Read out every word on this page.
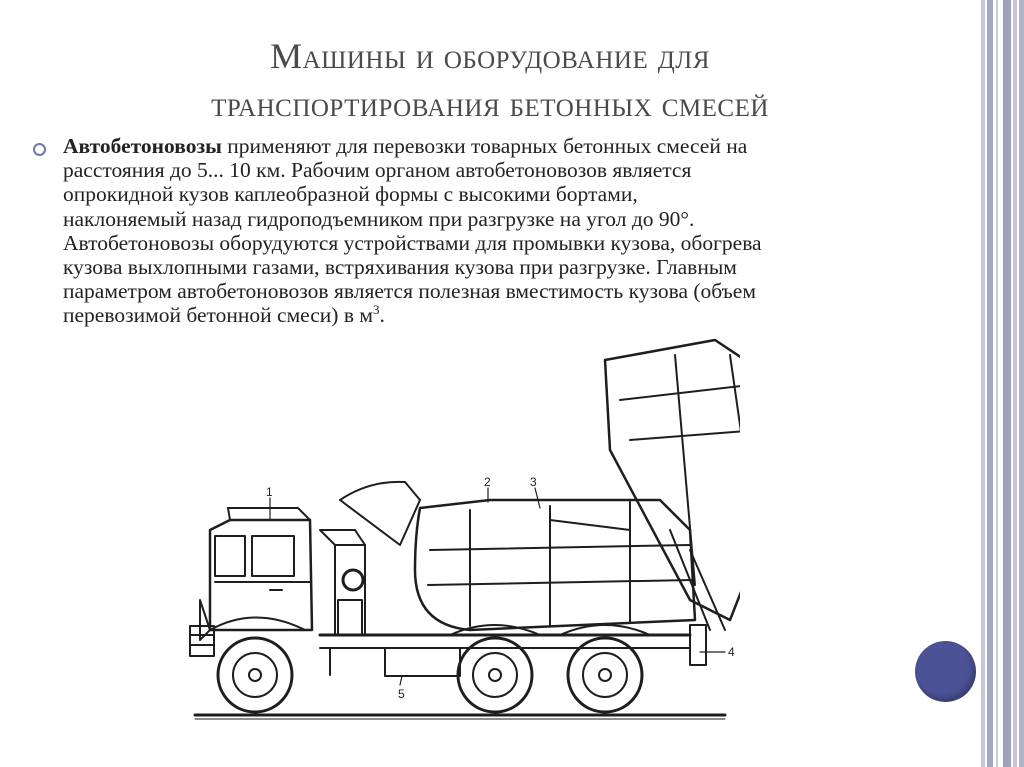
Машины и оборудование для
транспортирования бетонных смесей
Автобетоновозы применяют для перевозки товарных бетонных смесей на
расстояния до 5... 10 км. Рабочим органом автобетоновозов является
опрокидной кузов каплеобразной формы с высокими бортами,
наклоняемый назад гидроподъемником при разгрузке на угол до 90°.
Автобетоновозы оборудуются устройствами для промывки кузова, обогрева
кузова выхлопными газами, встряхивания кузова при разгрузке. Главным
параметром автобетоновозов является полезная вместимость кузова (объем
перевозимой бетонной смеси) в $м^3$.
1
2	3
4
5
